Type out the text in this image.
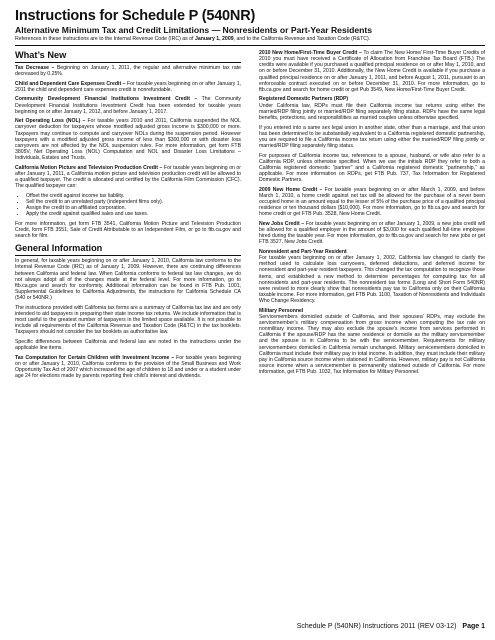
Instructions for Schedule P (540NR)
Alternative Minimum Tax and Credit Limitations — Nonresidents or Part-Year Residents
References in these instructions are to the Internal Revenue Code (IRC) as of January 1, 2009, and to the California Revenue and Taxation Code (R&TC).
What’s New

Tax Decrease – Beginning on January 1, 2011, the regular and alternative minimum tax rate decreased by 0.25%.

Child and Dependent Care Expenses Credit – For taxable years beginning on or after January 1, 2011 the child and dependent care expenses credit is nonrefundable.

Community Development Financial Institutions Investment Credit – The Community Development Financial Institutions Investment Credit has been extended for taxable years beginning on or after January 1, 2012, and before January 1, 2017.

Net Operating Loss (NOL) – For taxable years 2010 and 2011, California suspended the NOL carryover deduction for taxpayers whose modified adjusted gross income is $300,000 or more. Taxpayers may continue to compute and carryover NOLs during the suspension period. However taxpayers with a modified adjusted gross income of less than $300,000 or with disaster loss carryovers are not affected by the NOL suspension rules. For more information, get form FTB 3805V, Net Operating Loss (NOL) Computation and NOL and Disaster Loss Limitations – Individuals, Estates and Trusts.

California Motion Picture and Television Production Credit – For taxable years beginning on or after January 1, 2011, a California motion picture and television production credit will be allowed to a qualified taxpayer. The credit is allocated and certified by the California Film Commission (CFC). The qualified taxpayer can:

• Offset the credit against income tax liability.
• Sell the credit to an unrelated party (independent films only).
• Assign the credit to an affiliated corporation.
• Apply the credit against qualified sales and use taxes.

For more information, get form FTB 3541, California Motion Picture and Television Production Credit, form FTB 3551, Sale of Credit Attributable to an Independent Film, or go to ftb.ca.gov and search for film.

General Information

In general, for taxable years beginning on or after January 1, 2010, California law conforms to the Internal Revenue Code (IRC) as of January 1, 2009. However, there are continuing differences between California and federal law. When California conforms to federal tax law changes, we do not always adopt all of the changes made at the federal level. For more information, go to ftb.ca.gov and search for conformity. Additional information can be found in FTB Pub. 1001, Supplemental Guidelines to California Adjustments, the instructions for California Schedule CA (540 or 540NR.)

The instructions provided with California tax forms are a summary of California tax law and are only intended to aid taxpayers in preparing their state income tax returns. We include information that is most useful to the greatest number of taxpayers in the limited space available. It is not possible to include all requirements of the California Revenue and Taxation Code (R&TC) in the tax booklets. Taxpayers should not consider the tax booklets as authoritative law.

Specific differences between California and federal law are noted in the instructions under the applicable line items.

Tax Computation for Certain Children with Investment Income – For taxable years beginning on or after January 1, 2010, California conforms to the provision of the Small Business and Work Opportunity Tax Act of 2007 which increased the age of children to 18 and under or a student under age 24 for elections made by parents reporting their child’s interest and dividends.

2010 New Home/First-Time Buyer Credit – To claim The New Home/ First-Time Buyer Credits of 2010 you must have received a Certificate of Allocation from Franchise Tax Board (FTB.) The credits were available if you purchased a qualified principal residence on or after May 1, 2010, and on or before December 31, 2010. Additionally, the New Home Credit is available if you purchase a qualified principal residence on or after January 1, 2011, and before August 1, 2011, pursuant to an enforceable contract executed on or before December 31, 2010. For more information, go to ftb.ca.gov and search for home credit or get Pub 3549, New Home/First-Time Buyer Credit.

Registered Domestic Partners (RDP)
Under California law, RDPs must file their California income tax returns using either the married/RDP filing jointly or married/RDP filing separately filing status. RDPs have the same legal benefits, protections, and responsibilities as married couples unless otherwise specified.

If you entered into a same sex legal union in another state, other than a marriage, and that union has been determined to be substantially equivalent to a California registered domestic partnership, you are required to file a California income tax return using either the married/RDP filing jointly or married/RDP filing separately filing status.

For purposes of California income tax, references to a spouse, husband, or wife also refer to a California RDP, unless otherwise specified. When we use the initials RDP they refer to both a California registered domestic “partner” and a California registered domestic “partnership,” as applicable. For more information on RDPs, get FTB Pub. 737, Tax Information for Registered Domestic Partners.

2009 New Home Credit – For taxable years beginning on or after March 1, 2009, and before March 1, 2010, a home credit against net tax will be allowed for the purchase of a never been occupied home in an amount equal to the lesser of 5% of the purchase price of a qualified principal residence or ten thousand dollars ($10,000). For more information, go to ftb.ca.gov and search for home credit or get FTB Pub. 3528, New Home Credit.

New Jobs Credit – For taxable years beginning on or after January 1, 2009, a new jobs credit will be allowed for a qualified employer in the amount of $3,000 for each qualified full-time employee hired during the taxable year. For more information, go to ftb.ca.gov and search for new jobs or get FTB 3527, New Jobs Credit.

Nonresident and Part-Year Resident
For taxable years beginning on or after January 1, 2002, California law changed to clarify the method used to calculate loss carryovers, deferred deductions, and deferred income for nonresident and part-year resident taxpayers. This changed the tax computation to recognize those items, and established a new method to determine percentages for computing tax for all nonresidents and part-year residents. The nonresident tax forms (Long and Short Form 540NR) were revised to more clearly show that nonresidents pay tax to California only on their California taxable income. For more information, get FTB Pub. 1100, Taxation of Nonresidents and Individuals Who Change Residency.

Military Personnel
Servicemembers domiciled outside of California, and their spouses/ RDPs, may exclude the servicemember’s military compensation from gross income when computing the tax rate on nonmilitary income. They may also exclude the spouse’s income from services performed in California if the spouse/RDP has the same residence or domicile as the military servicemember and the spouse is in California to be with the servicemember. Requirements for military servicemembers domiciled in California remain unchanged. Military servicemembers domiciled in California must include their military pay in total income. In addition, they must include their military pay in California source income when stationed in California. However, military pay is not California source income when a servicemember is permanently stationed outside of California. For more information, get FTB Pub. 1032, Tax Information for Military Personnel.

Schedule P (540NR) Instructions 2011 (REV 03-12) Page 1
